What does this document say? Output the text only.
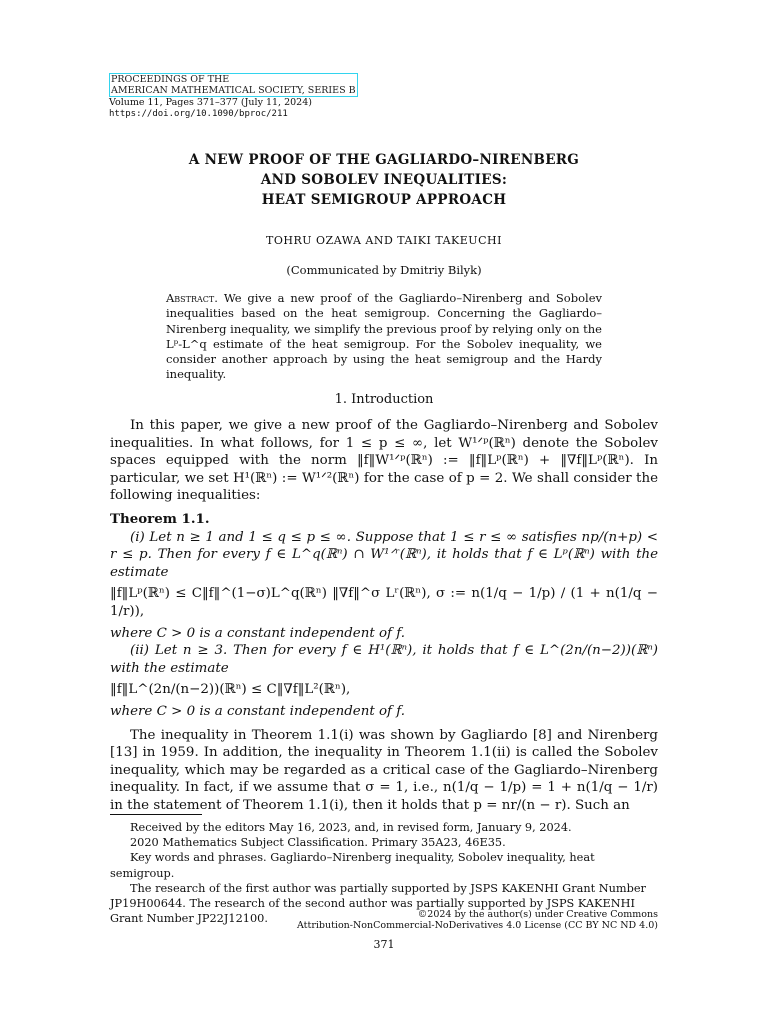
PROCEEDINGS OF THE
AMERICAN MATHEMATICAL SOCIETY, SERIES B
Volume 11, Pages 371–377 (July 11, 2024)
https://doi.org/10.1090/bproc/211
A NEW PROOF OF THE GAGLIARDO–NIRENBERG
AND SOBOLEV INEQUALITIES:
HEAT SEMIGROUP APPROACH
TOHRU OZAWA AND TAIKI TAKEUCHI
(Communicated by Dmitriy Bilyk)
Abstract. We give a new proof of the Gagliardo–Nirenberg and Sobolev inequalities based on the heat semigroup. Concerning the Gagliardo–Nirenberg inequality, we simplify the previous proof by relying only on the Lᵖ-L^q estimate of the heat semigroup. For the Sobolev inequality, we consider another approach by using the heat semigroup and the Hardy inequality.
1. Introduction

In this paper, we give a new proof of the Gagliardo–Nirenberg and Sobolev inequalities. In what follows, for 1 ≤ p ≤ ∞, let W¹ᐟᵖ(ℝⁿ) denote the Sobolev spaces equipped with the norm ‖f‖W¹ᐟᵖ(ℝⁿ) := ‖f‖Lᵖ(ℝⁿ) + ‖∇f‖Lᵖ(ℝⁿ). In particular, we set H¹(ℝⁿ) := W¹ᐟ²(ℝⁿ) for the case of p = 2. We shall consider the following inequalities:

Theorem 1.1.

(i) Let n ≥ 1 and 1 ≤ q ≤ p ≤ ∞. Suppose that 1 ≤ r ≤ ∞ satisfies np/(n+p) < r ≤ p. Then for every f ∈ L^q(ℝⁿ) ∩ W¹ᐟʳ(ℝⁿ), it holds that f ∈ Lᵖ(ℝⁿ) with the estimate

‖f‖Lᵖ(ℝⁿ) ≤ C‖f‖^(1−σ)L^q(ℝⁿ) ‖∇f‖^σ Lʳ(ℝⁿ), σ := n(1/q − 1/p) / (1 + n(1/q − 1/r)),

where C > 0 is a constant independent of f.

(ii) Let n ≥ 3. Then for every f ∈ H¹(ℝⁿ), it holds that f ∈ L^(2n/(n−2))(ℝⁿ) with the estimate

‖f‖L^(2n/(n−2))(ℝⁿ) ≤ C‖∇f‖L²(ℝⁿ),

where C > 0 is a constant independent of f.

The inequality in Theorem 1.1(i) was shown by Gagliardo [8] and Nirenberg [13] in 1959. In addition, the inequality in Theorem 1.1(ii) is called the Sobolev inequality, which may be regarded as a critical case of the Gagliardo–Nirenberg inequality. In fact, if we assume that σ = 1, i.e., n(1/q − 1/p) = 1 + n(1/q − 1/r) in the statement of Theorem 1.1(i), then it holds that p = nr/(n − r). Such an

Received by the editors May 16, 2023, and, in revised form, January 9, 2024.

2020 Mathematics Subject Classification. Primary 35A23, 46E35.

Key words and phrases. Gagliardo–Nirenberg inequality, Sobolev inequality, heat semigroup.

The research of the first author was partially supported by JSPS KAKENHI Grant Number JP19H00644. The research of the second author was partially supported by JSPS KAKENHI Grant Number JP22J12100.	©2024 by the author(s) under Creative Commons
Attribution-NonCommercial-NoDerivatives 4.0 License (CC BY NC ND 4.0)
371
